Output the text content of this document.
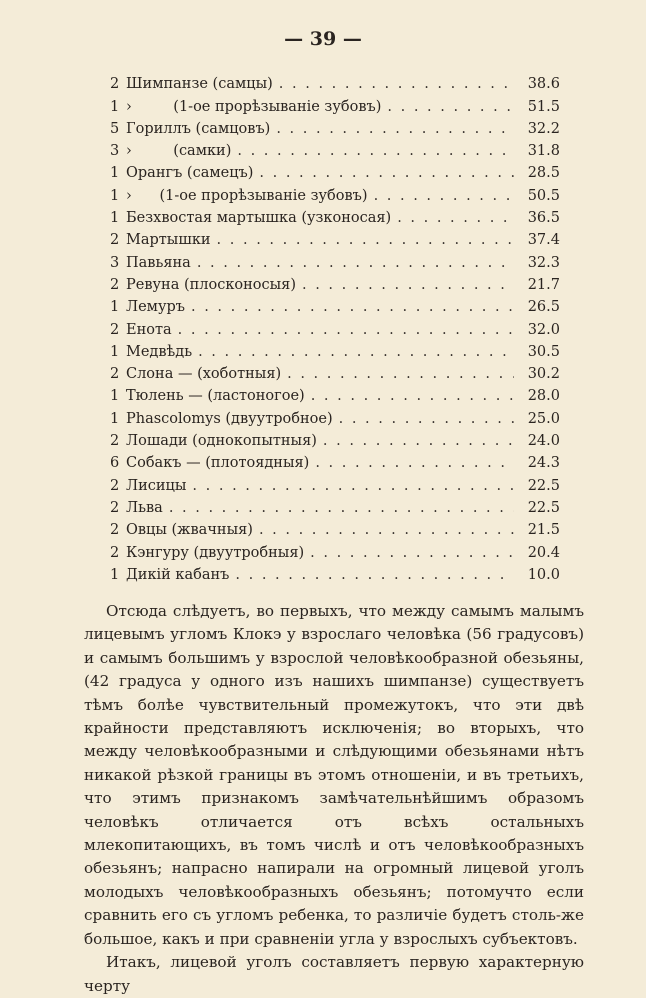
— 39 —
2 Шимпанзе (самцы) . . .	38.6
1 ›         (1-ое прорѣзываніе зубовъ) . . .	51.5
5 Гориллъ (самцовъ) . . .	32.2
3 ›         (самки) . . .	31.8
1 Орангъ (самецъ) . . .	28.5
1 ›      (1-ое прорѣзываніе зубовъ) . . .	50.5
1 Безхвостая мартышка (узконосая) . . .	36.5
2 Мартышки . . .	37.4
3 Павьяна . . .	32.3
2 Ревуна (плосконосыя) . . .	21.7
1 Лемуръ . . .	26.5
2 Енота . . .	32.0
1 Медвѣдь . . .	30.5
2 Слона — (хоботныя) . . .	30.2
1 Тюлень — (ластоногое) . . .	28.0
1 Phascolomys (двуутробное) . . .	25.0
2 Лошади (однокопытныя) . . .	24.0
6 Собакъ — (плотоядныя) . . .	24.3
2 Лисицы . . .	22.5
2 Льва . . .	22.5
2 Овцы (жвачныя) . . .	21.5
2 Кэнгуру (двуутробныя) . . .	20.4
1 Дикій кабанъ . . .	10.0

Отсюда слѣдуетъ, во первыхъ, что между самымъ малымъ лицевымъ угломъ Клокэ у взрослаго человѣка (56 градусовъ) и самымъ большимъ у взрослой человѣкообразной обезьяны, (42 градуса у одного изъ нашихъ шимпанзе) существуетъ тѣмъ болѣе чувствительный промежутокъ, что эти двѣ крайности представляютъ исключенія; во вторыхъ, что между человѣкообразными и слѣдующими обезьянами нѣтъ никакой рѣзкой границы въ этомъ отношеніи, и въ третьихъ, что этимъ признакомъ замѣчательнѣйшимъ образомъ человѣкъ отличается отъ всѣхъ остальныхъ млекопитающихъ, въ томъ числѣ и отъ человѣкообразныхъ обезьянъ; напрасно напирали на огромный лицевой уголъ молодыхъ человѣкообразныхъ обезьянъ; потомучто если сравнить его съ угломъ ребенка, то различіе будетъ столь-же большое, какъ и при сравненіи угла у взрослыхъ субъектовъ.

Итакъ, лицевой уголъ составляетъ первую характерную черту
